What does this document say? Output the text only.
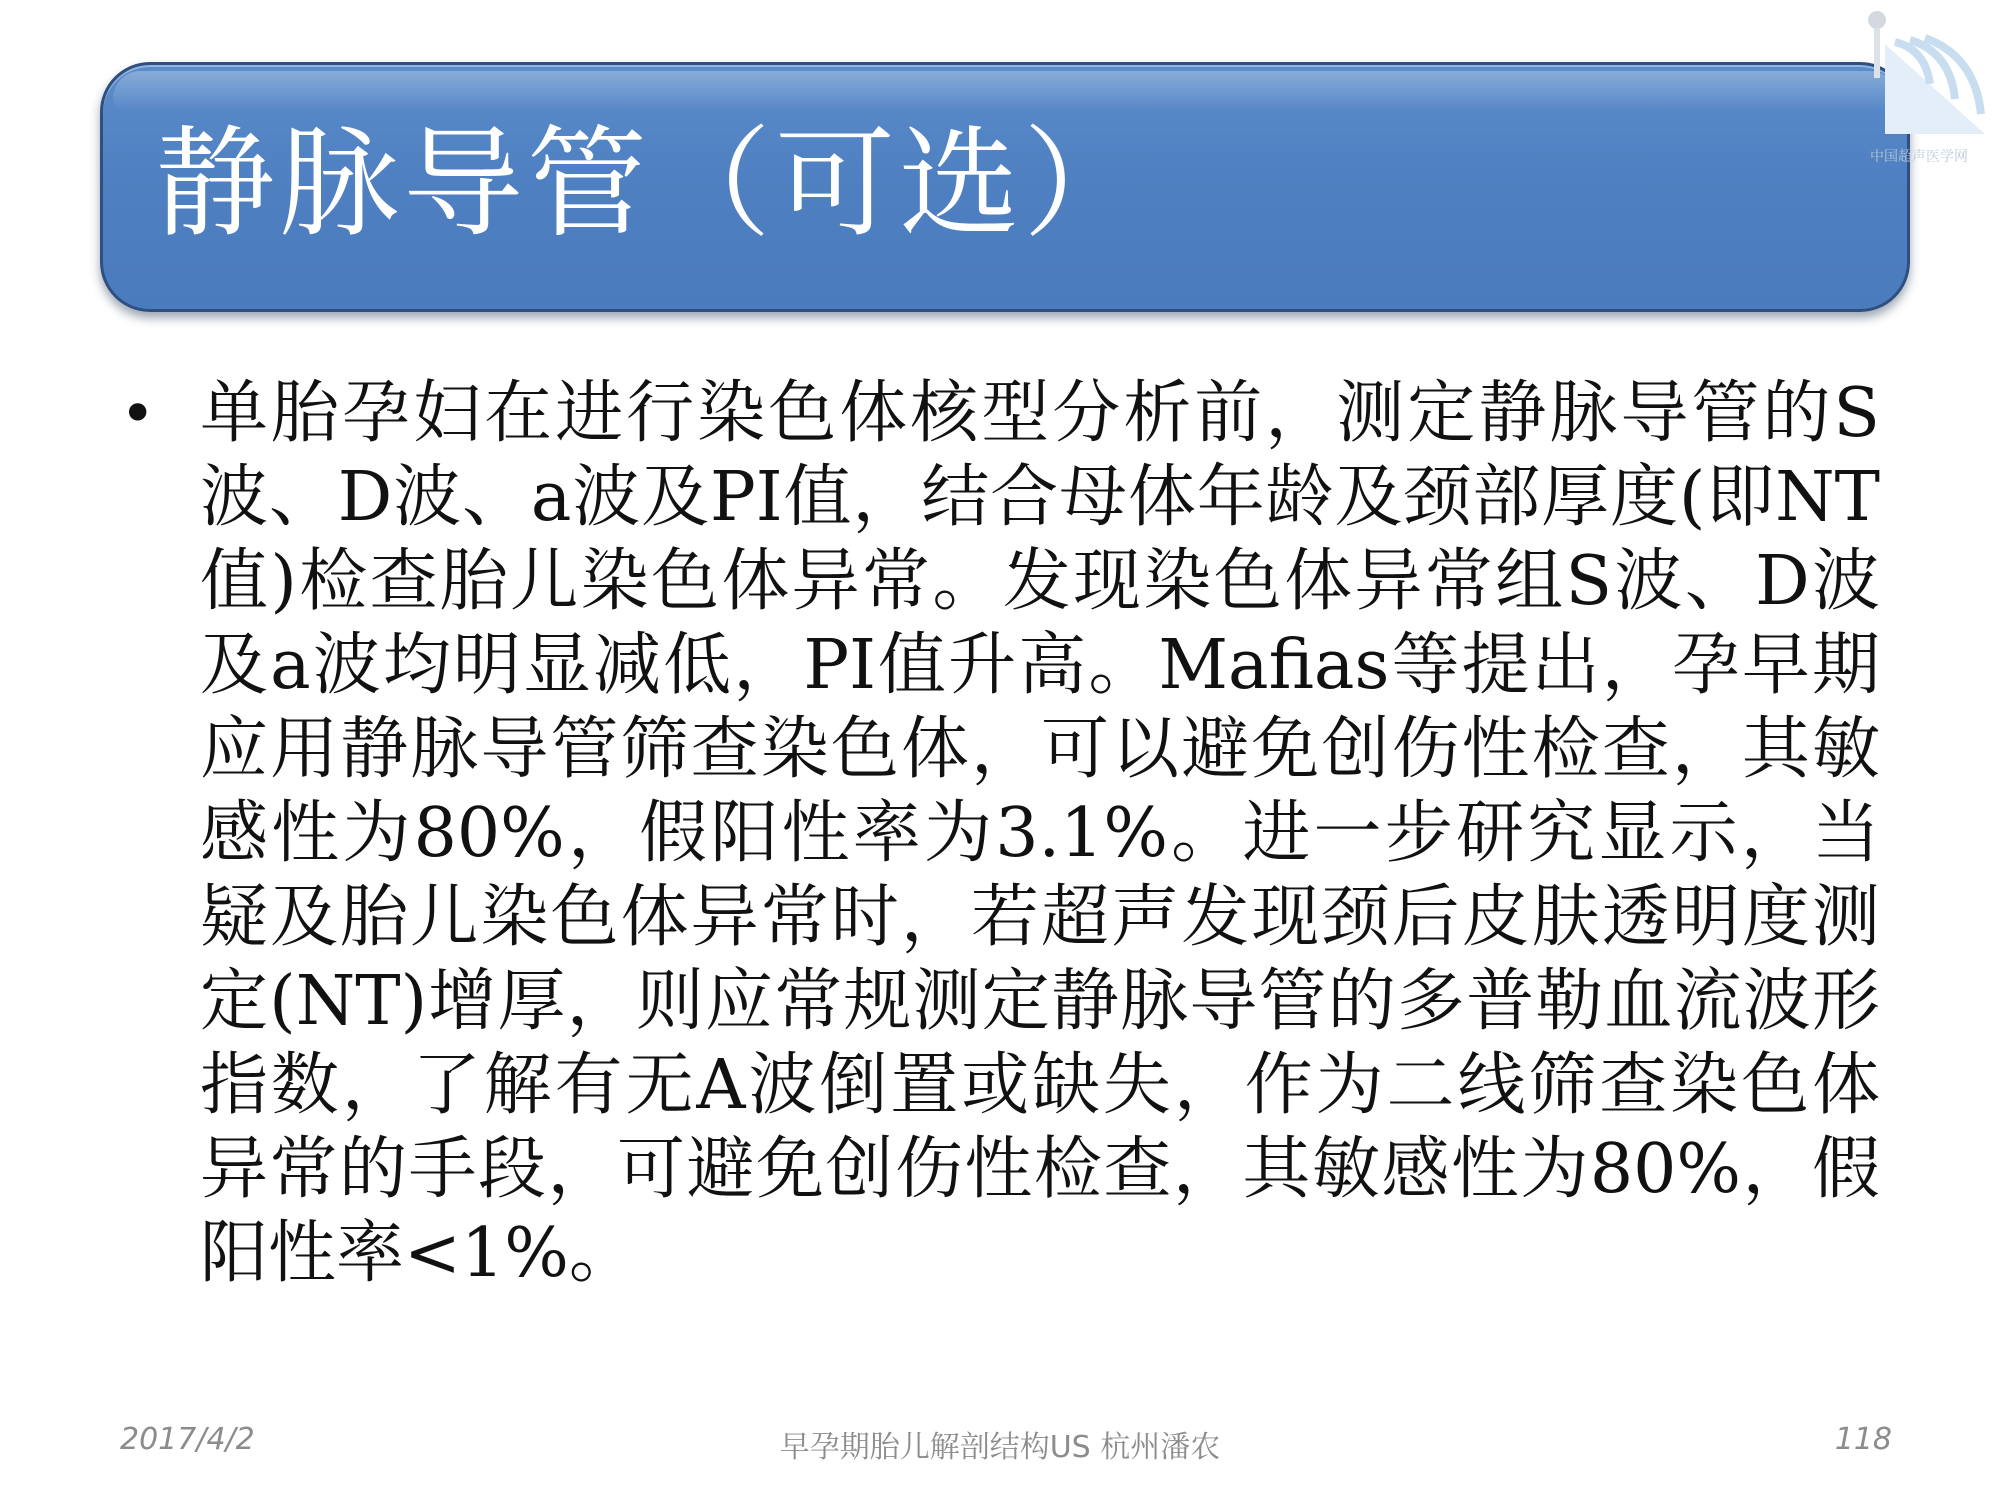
静脉导管（可选）	中国超声医学网
• 单胎孕妇在进行染色体核型分析前，测定静脉导管的S波、D波、a波及PI值，结合母体年龄及颈部厚度(即NT值)检查胎儿染色体异常。发现染色体异常组S波、D波及a波均明显减低，PI值升高。Mafias等提出，孕早期应用静脉导管筛查染色体，可以避免创伤性检查，其敏感性为80%，假阳性率为3.1%。进一步研究显示，当疑及胎儿染色体异常时，若超声发现颈后皮肤透明度测定(NT)增厚，则应常规测定静脉导管的多普勒血流波形指数，了解有无A波倒置或缺失，作为二线筛查染色体异常的手段，可避免创伤性检查，其敏感性为80%，假阳性率<1%。
2017/4/2	早孕期胎儿解剖结构US 杭州潘农	118
